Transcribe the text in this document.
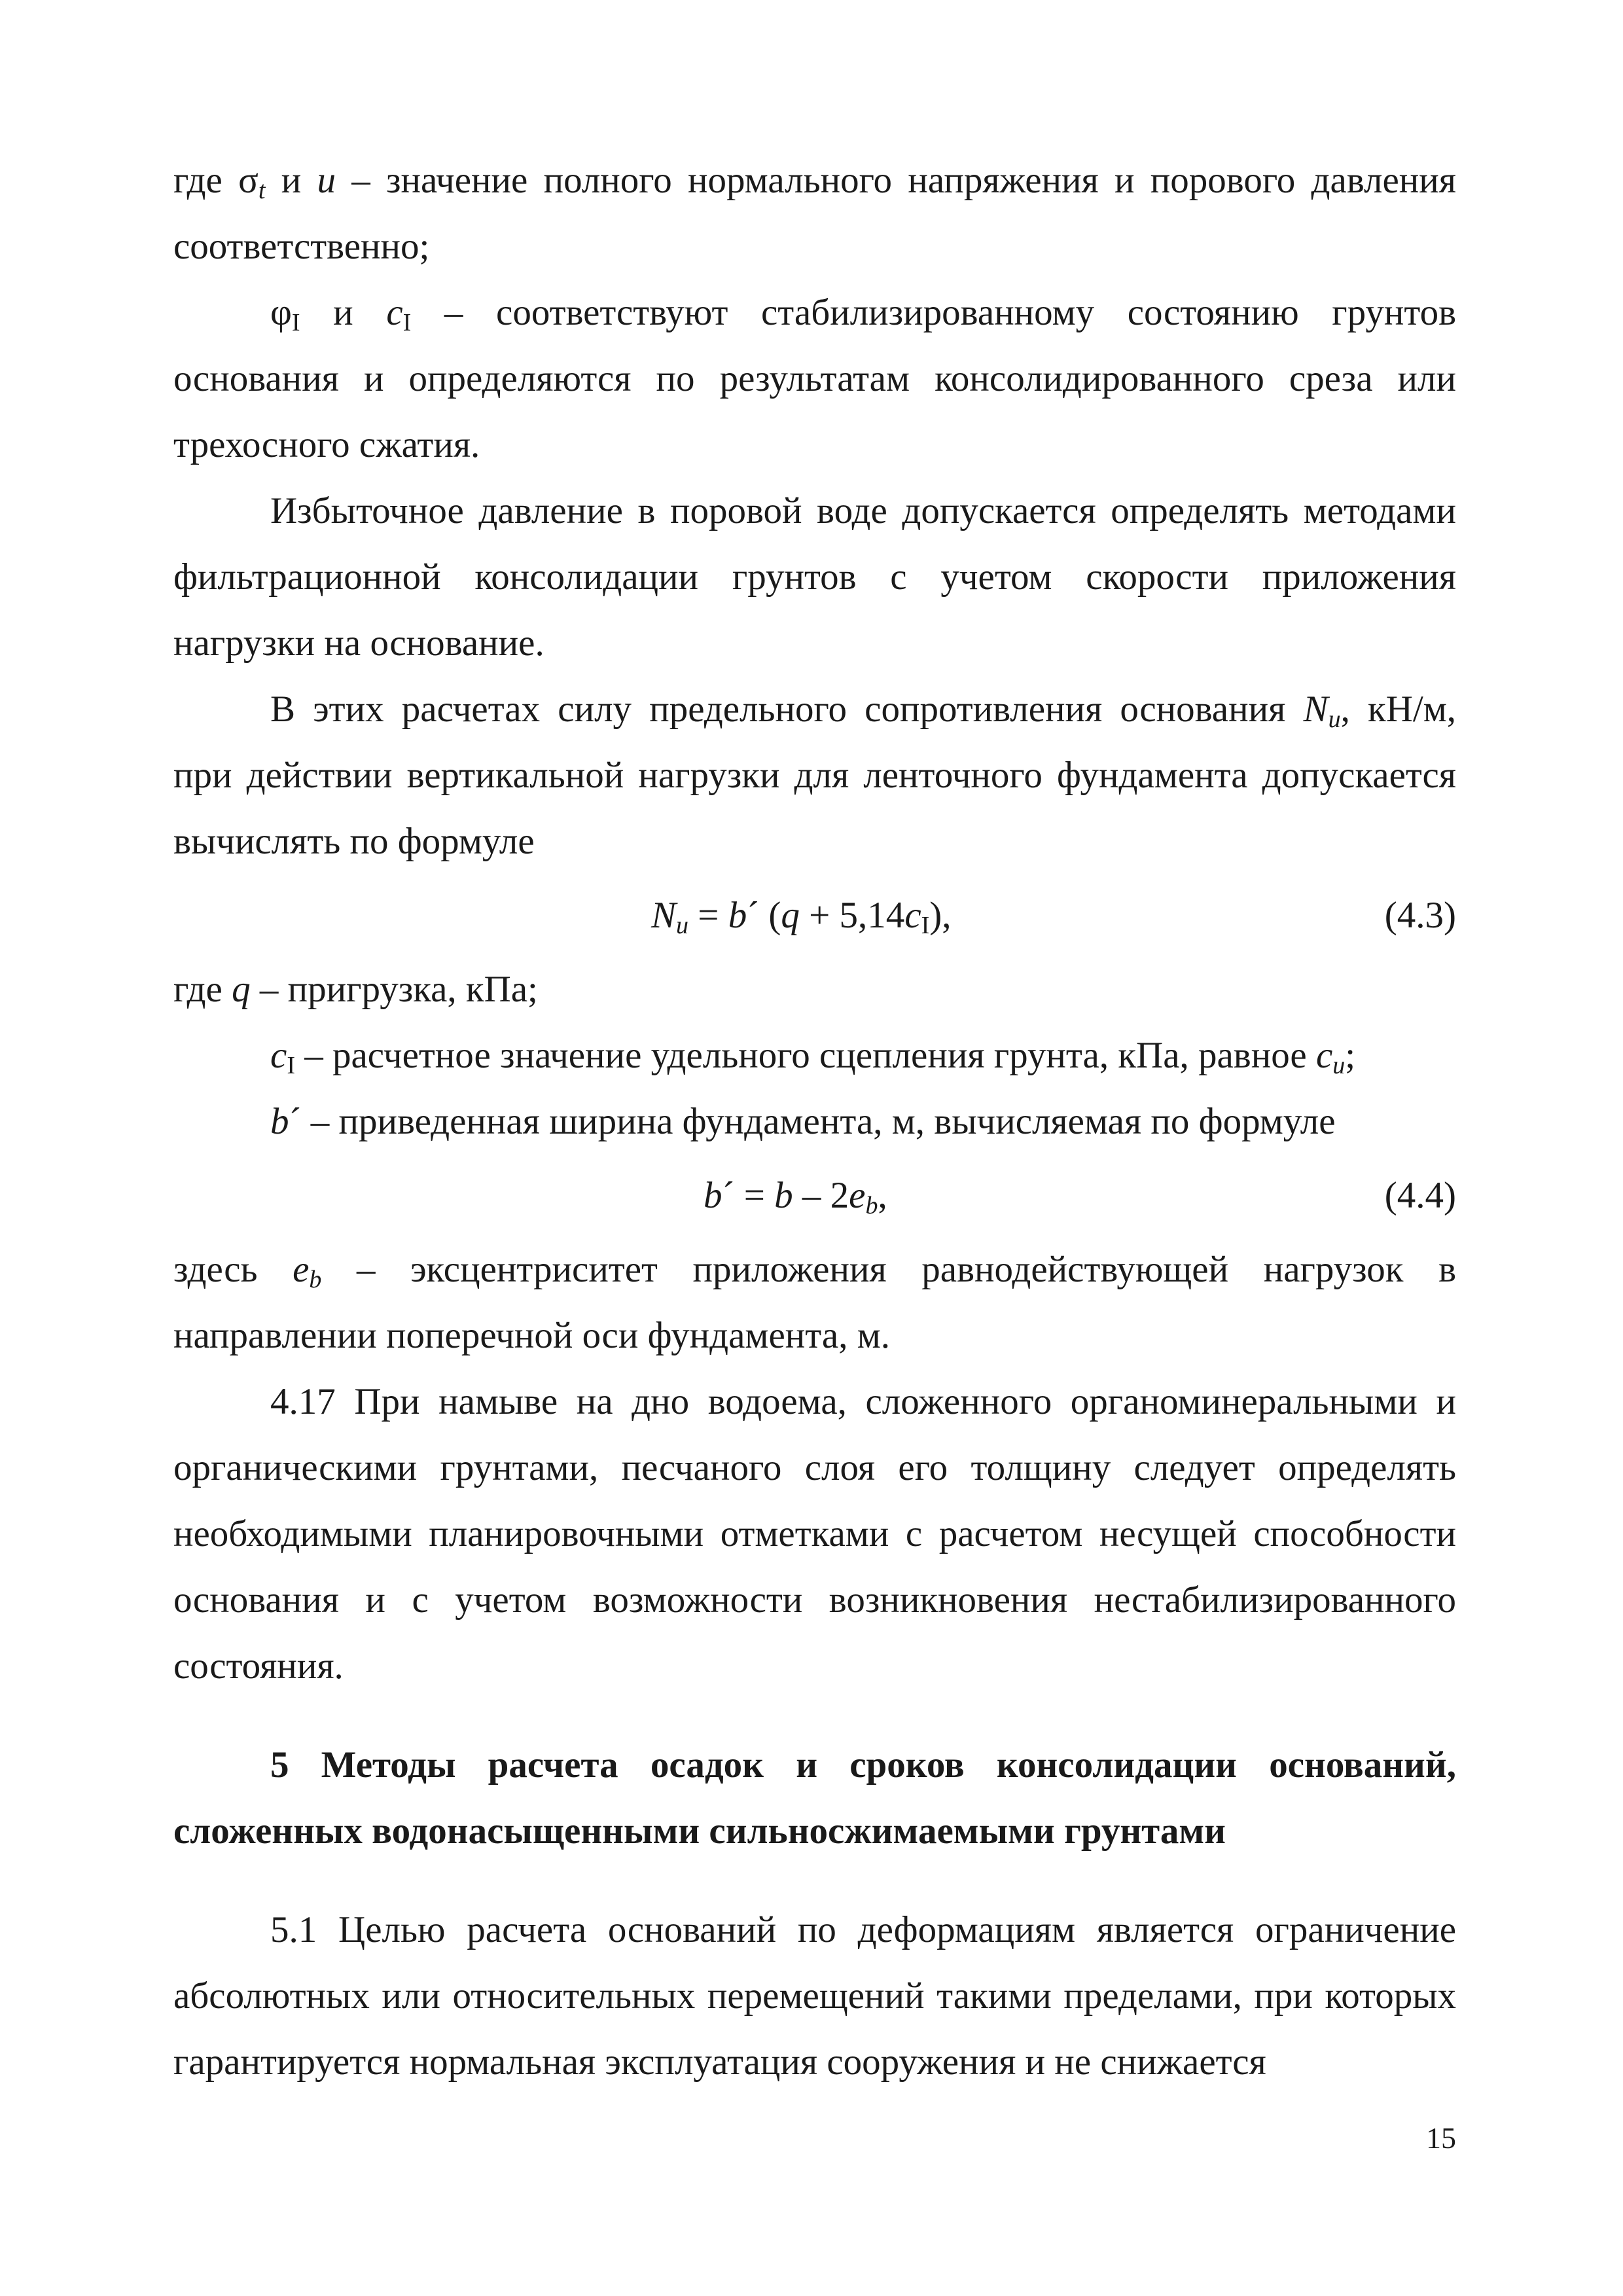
где $\sigma_t$ и u – значение полного нормального напряжения и порового давления соответственно;

$\varphi_I$ и $c_I$ – соответствуют стабилизированному состоянию грунтов основания и определяются по результатам консолидированного среза или трехосного сжатия.

Избыточное давление в поровой воде допускается определять методами фильтрационной консолидации грунтов с учетом скорости приложения нагрузки на основание.

В этих расчетах силу предельного сопротивления основания $N_u$, кН/м, при действии вертикальной нагрузки для ленточного фундамента допускается вычислять по формуле

$N_u$ = b´ $(q + 5,14c_I)$,	(4.3)

где q – пригрузка, кПа;

$c_I$ – расчетное значение удельного сцепления грунта, кПа, равное $c_u$;

b´ – приведенная ширина фундамента, м, вычисляемая по формуле

b´ = b – $2e_b$,	(4.4)

здесь $e_b$ – эксцентриситет приложения равнодействующей нагрузок в направлении поперечной оси фундамента, м.

4.17 При намыве на дно водоема, сложенного органоминеральными и органическими грунтами, песчаного слоя его толщину следует определять необходимыми планировочными отметками с расчетом несущей способности основания и с учетом возможности возникновения нестабилизированного состояния.

5 Методы расчета осадок и сроков консолидации оснований, сложенных водонасыщенными сильносжимаемыми грунтами

5.1 Целью расчета оснований по деформациям является ограничение абсолютных или относительных перемещений такими пределами, при которых гарантируется нормальная эксплуатация сооружения и не снижается

15
